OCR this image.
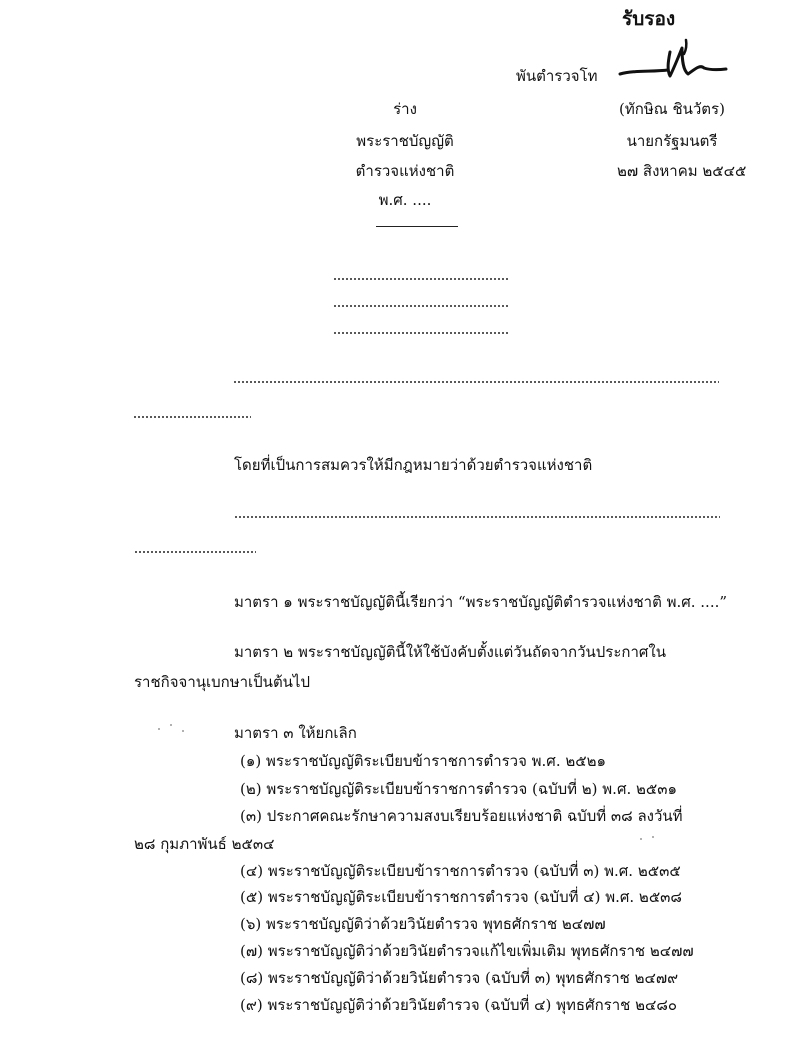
รับรอง
พันตำรวจโท
(ทักษิณ ชินวัตร)
นายกรัฐมนตรี
๒๗ สิงหาคม ๒๕๔๕
ร่าง
พระราชบัญญัติ
ตำรวจแห่งชาติ
พ.ศ. ....
โดยที่เป็นการสมควรให้มีกฎหมายว่าด้วยตำรวจแห่งชาติ
มาตรา ๑ พระราชบัญญัตินี้เรียกว่า “พระราชบัญญัติตำรวจแห่งชาติ พ.ศ. ....”
มาตรา ๒ พระราชบัญญัตินี้ให้ใช้บังคับตั้งแต่วันถัดจากวันประกาศใน
ราชกิจจานุเบกษาเป็นต้นไป
มาตรา ๓ ให้ยกเลิก
(๑) พระราชบัญญัติระเบียบข้าราชการตำรวจ พ.ศ. ๒๕๒๑
(๒) พระราชบัญญัติระเบียบข้าราชการตำรวจ (ฉบับที่ ๒) พ.ศ. ๒๕๓๑
(๓) ประกาศคณะรักษาความสงบเรียบร้อยแห่งชาติ ฉบับที่ ๓๘ ลงวันที่
๒๘ กุมภาพันธ์ ๒๕๓๔
(๔) พระราชบัญญัติระเบียบข้าราชการตำรวจ (ฉบับที่ ๓) พ.ศ. ๒๕๓๕
(๕) พระราชบัญญัติระเบียบข้าราชการตำรวจ (ฉบับที่ ๔) พ.ศ. ๒๕๓๘
(๖) พระราชบัญญัติว่าด้วยวินัยตำรวจ พุทธศักราช ๒๔๗๗
(๗) พระราชบัญญัติว่าด้วยวินัยตำรวจแก้ไขเพิ่มเติม พุทธศักราช ๒๔๗๗
(๘) พระราชบัญญัติว่าด้วยวินัยตำรวจ (ฉบับที่ ๓) พุทธศักราช ๒๔๗๙
(๙) พระราชบัญญัติว่าด้วยวินัยตำรวจ (ฉบับที่ ๔) พุทธศักราช ๒๔๘๐
